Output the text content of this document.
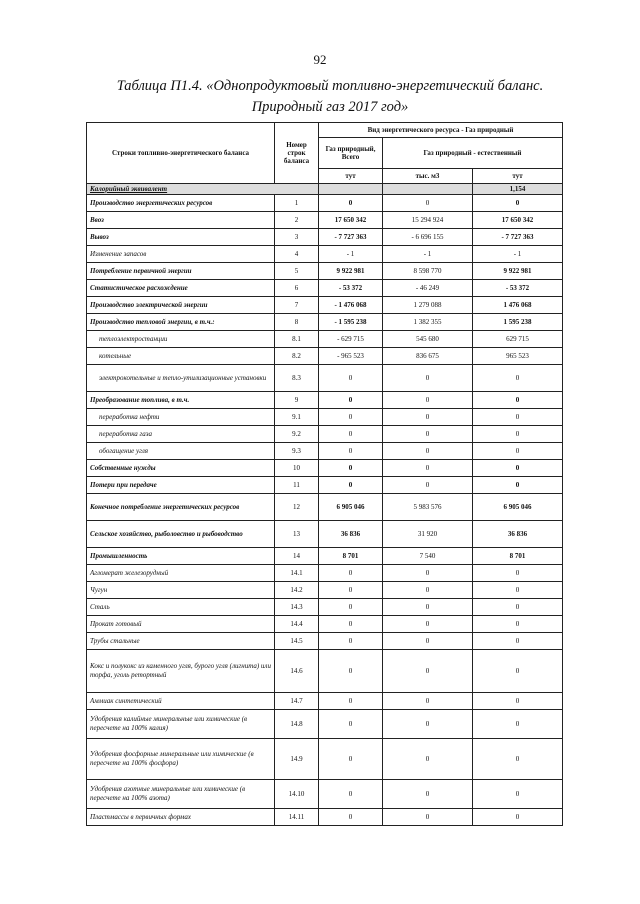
92
Таблица П1.4. «Однопродуктовый топливно-энергетический баланс.
Природный газ 2017 год»
Строки топливно-энергетического баланса	Номер строк баланса	Вид энергетического ресурса - Газ природный		
		Газ природный, Всего	Газ природный - естественный	
		тут	тыс. м3	тут
Калорийный эквивалент				1,154
Производство энергетических ресурсов	1	0	0	0
Ввоз	2	17 650 342	15 294 924	17 650 342
Вывоз	3	- 7 727 363	- 6 696 155	- 7 727 363
Изменение запасов	4	- 1	- 1	- 1
Потребление первичной энергии	5	9 922 981	8 598 770	9 922 981
Статистическое расхождение	6	- 53 372	- 46 249	- 53 372
Производство электрической энергии	7	- 1 476 068	1 279 088	1 476 068
Производство тепловой энергии, в т.ч.:	8	- 1 595 238	1 382 355	1 595 238
теплоэлектростанции	8.1	- 629 715	545 680	629 715
котельные	8.2	- 965 523	836 675	965 523
электрокотельные и тепло-утилизационные установки	8.3	0	0	0
Преобразование топлива, в т.ч.	9	0	0	0
переработка нефти	9.1	0	0	0
переработка газа	9.2	0	0	0
обогащение угля	9.3	0	0	0
Собственные нужды	10	0	0	0
Потери при передаче	11	0	0	0
Конечное потребление энергетических ресурсов	12	6 905 046	5 983 576	6 905 046
Сельское хозяйство, рыболовство и рыбоводство	13	36 836	31 920	36 836
Промышленность	14	8 701	7 540	8 701
Агломерат железорудный	14.1	0	0	0
Чугун	14.2	0	0	0
Сталь	14.3	0	0	0
Прокат готовый	14.4	0	0	0
Трубы стальные	14.5	0	0	0
Кокс и полукокс из каменного угля, бурого угля (лигнита) или торфа, уголь ретортный	14.6	0	0	0
Аммиак синтетический	14.7	0	0	0
Удобрения калийные минеральные или химические (в пересчете на 100% калия)	14.8	0	0	0
Удобрения фосфорные минеральные или химические (в пересчете на 100% фосфора)	14.9	0	0	0
Удобрения азотные минеральные или химические (в пересчете на 100% азота)	14.10	0	0	0
Пластмассы в первичных формах	14.11	0	0	0
